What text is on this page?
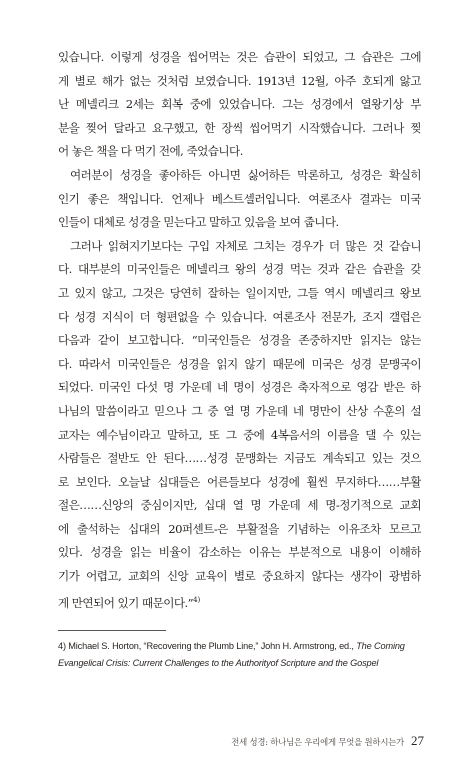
있습니다. 이렇게 성경을 씹어먹는 것은 습관이 되었고, 그 습관은 그에
게 별로 해가 없는 것처럼 보였습니다. 1913년 12월, 아주 호되게 앓고
난 메넬리크 2세는 회복 중에 있었습니다. 그는 성경에서 열왕기상 부
분을 찢어 달라고 요구했고, 한 장씩 씹어먹기 시작했습니다. 그러나 찢
어 놓은 책을 다 먹기 전에, 죽었습니다.
여러분이 성경을 좋아하든 아니면 싫어하든 막론하고, 성경은 확실히
인기 좋은 책입니다. 언제나 베스트셀러입니다. 여론조사 결과는 미국
인들이 대체로 성경을 믿는다고 말하고 있음을 보여 줍니다.
그러나 읽혀지기보다는 구입 자체로 그치는 경우가 더 많은 것 같습니
다. 대부분의 미국인들은 메넬리크 왕의 성경 먹는 것과 같은 습관을 갖
고 있지 않고, 그것은 당연히 잘하는 일이지만, 그들 역시 메넬리크 왕보
다 성경 지식이 더 형편없을 수 있습니다. 여론조사 전문가, 조지 갤럽은
다음과 같이 보고합니다. “미국인들은 성경을 존중하지만 읽지는 않는
다. 따라서 미국인들은 성경을 읽지 않기 때문에 미국은 성경 문맹국이
되었다. 미국인 다섯 명 가운데 네 명이 성경은 축자적으로 영감 받은 하
나님의 말씀이라고 믿으나 그 중 열 명 가운데 네 명만이 산상 수훈의 설
교자는 예수님이라고 말하고, 또 그 중에 4복음서의 이름을 댈 수 있는
사람들은 절반도 안 된다……성경 문맹화는 지금도 계속되고 있는 것으
로 보인다. 오늘날 십대들은 어른들보다 성경에 훨씬 무지하다……부활
절은……신앙의 중심이지만, 십대 열 명 가운데 세 명-정기적으로 교회
에 출석하는 십대의 20퍼센트-은 부활절을 기념하는 이유조차 모르고
있다. 성경을 읽는 비율이 감소하는 이유는 부분적으로 내용이 이해하
기가 어렵고, 교회의 신앙 교육이 별로 중요하지 않다는 생각이 광범하
게 만연되어 있기 때문이다.”$^{4)}$
4) Michael S. Horton, “Recovering the Plumb Line,” John H. Armstrong, ed., The Coming
Evangelical Crisis: Current Challenges to the Authorityof Scripture and the Gospel
전세 성경: 하나님은 우리에게 무엇을 원하시는가 27
